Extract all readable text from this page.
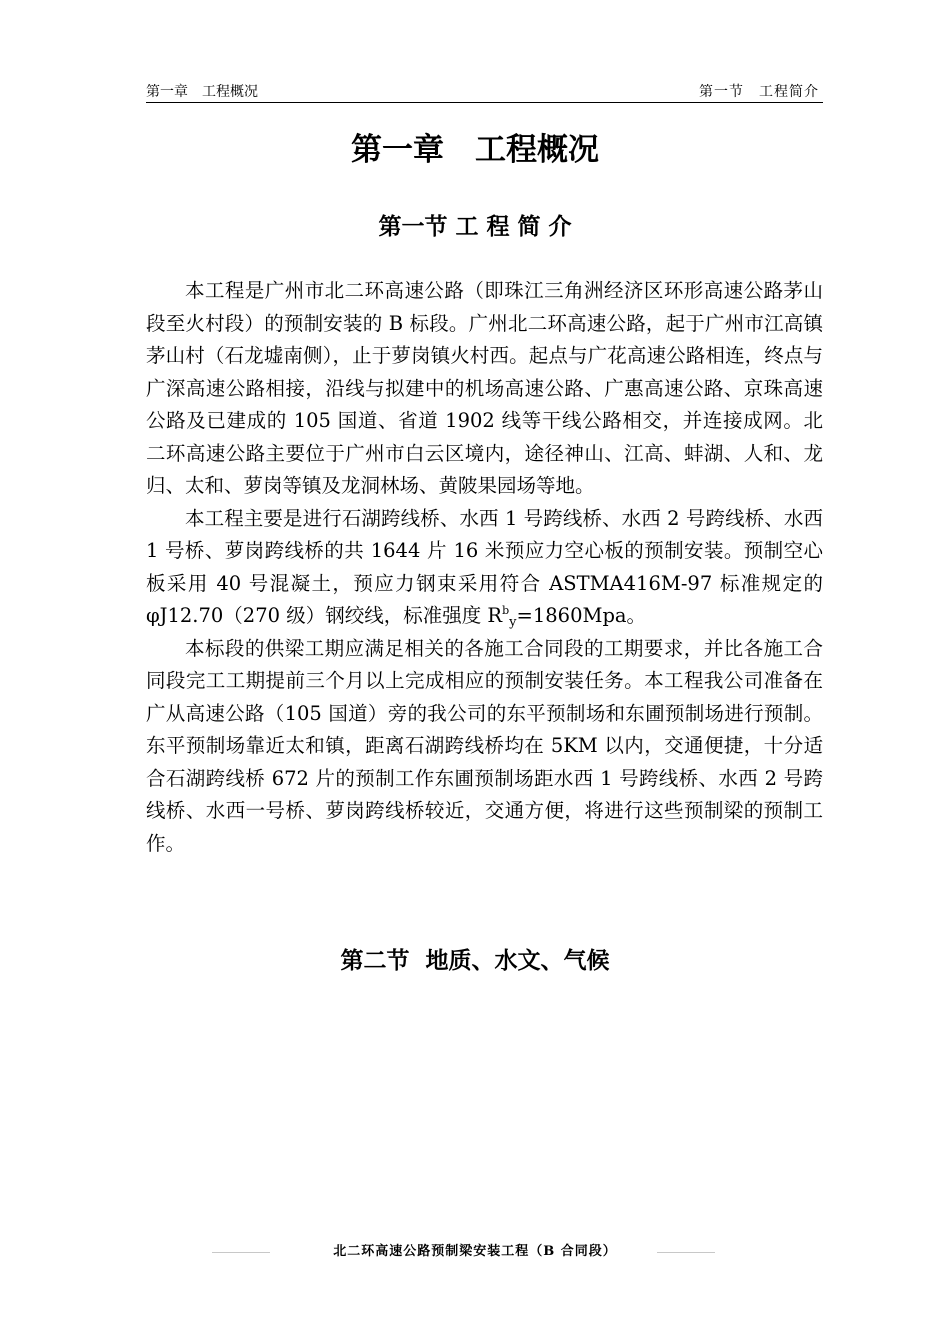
第一章　工程概况	第一节　工程简介
第一章　工程概况
第一节 工 程 简 介

本工程是广州市北二环高速公路（即珠江三角洲经济区环形高速公路茅山段至火村段）的预制安装的 B 标段。广州北二环高速公路，起于广州市江高镇茅山村（石龙墟南侧），止于萝岗镇火村西。起点与广花高速公路相连，终点与广深高速公路相接，沿线与拟建中的机场高速公路、广惠高速公路、京珠高速公路及已建成的 105 国道、省道 1902 线等干线公路相交，并连接成网。北二环高速公路主要位于广州市白云区境内，途径神山、江高、蚌湖、人和、龙归、太和、萝岗等镇及龙洞林场、黄陂果园场等地。

本工程主要是进行石湖跨线桥、水西 1 号跨线桥、水西 2 号跨线桥、水西 1 号桥、萝岗跨线桥的共 1644 片 16 米预应力空心板的预制安装。预制空心板采用 40 号混凝土，预应力钢束采用符合 ASTMA416M-97 标准规定的 φJ12.70（270 级）钢绞线，标准强度 $R^b_y=1860Mpa$。

本标段的供梁工期应满足相关的各施工合同段的工期要求，并比各施工合同段完工工期提前三个月以上完成相应的预制安装任务。本工程我公司准备在广从高速公路（105 国道）旁的我公司的东平预制场和东圃预制场进行预制。东平预制场靠近太和镇，距离石湖跨线桥均在 5KM 以内，交通便捷，十分适合石湖跨线桥 672 片的预制工作东圃预制场距水西 1 号跨线桥、水西 2 号跨线桥、水西一号桥、萝岗跨线桥较近，交通方便，将进行这些预制梁的预制工作。

第二节  地质、水文、气候
北二环高速公路预制梁安装工程（B 合同段）
